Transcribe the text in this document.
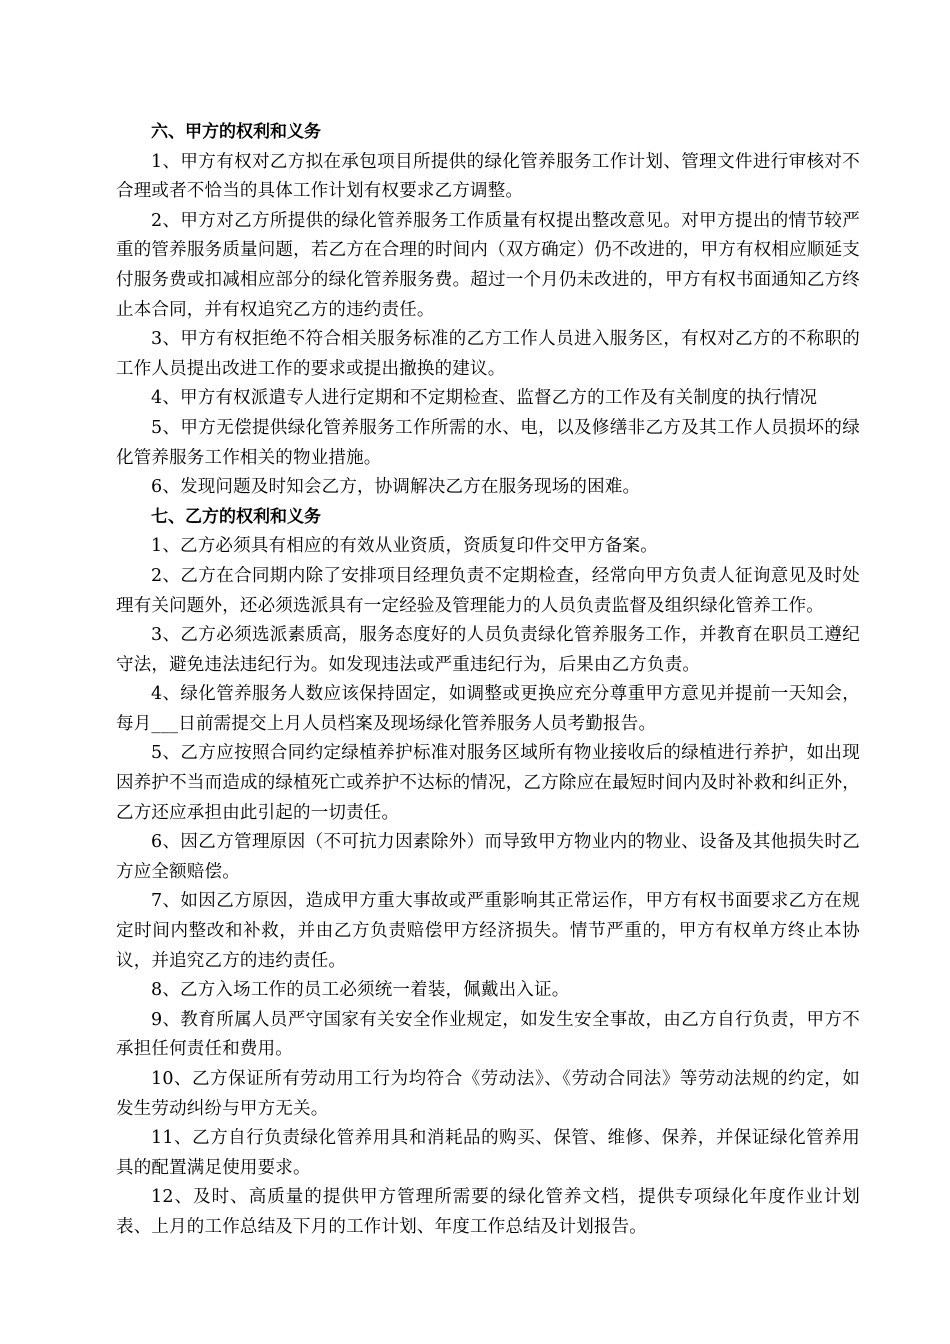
六、甲方的权利和义务

1、甲方有权对乙方拟在承包项目所提供的绿化管养服务工作计划、管理文件进行审核对不合理或者不恰当的具体工作计划有权要求乙方调整。

2、甲方对乙方所提供的绿化管养服务工作质量有权提出整改意见。对甲方提出的情节较严重的管养服务质量问题，若乙方在合理的时间内（双方确定）仍不改进的，甲方有权相应顺延支付服务费或扣减相应部分的绿化管养服务费。超过一个月仍未改进的，甲方有权书面通知乙方终止本合同，并有权追究乙方的违约责任。

3、甲方有权拒绝不符合相关服务标准的乙方工作人员进入服务区，有权对乙方的不称职的工作人员提出改进工作的要求或提出撤换的建议。

4、甲方有权派遣专人进行定期和不定期检查、监督乙方的工作及有关制度的执行情况

5、甲方无偿提供绿化管养服务工作所需的水、电，以及修缮非乙方及其工作人员损坏的绿化管养服务工作相关的物业措施。

6、发现问题及时知会乙方，协调解决乙方在服务现场的困难。

七、乙方的权利和义务

1、乙方必须具有相应的有效从业资质，资质复印件交甲方备案。

2、乙方在合同期内除了安排项目经理负责不定期检查，经常向甲方负责人征询意见及时处理有关问题外，还必须选派具有一定经验及管理能力的人员负责监督及组织绿化管养工作。

3、乙方必须选派素质高，服务态度好的人员负责绿化管养服务工作，并教育在职员工遵纪守法，避免违法违纪行为。如发现违法或严重违纪行为，后果由乙方负责。

4、绿化管养服务人数应该保持固定，如调整或更换应充分尊重甲方意见并提前一天知会，每月___日前需提交上月人员档案及现场绿化管养服务人员考勤报告。

5、乙方应按照合同约定绿植养护标准对服务区域所有物业接收后的绿植进行养护，如出现因养护不当而造成的绿植死亡或养护不达标的情况，乙方除应在最短时间内及时补救和纠正外，乙方还应承担由此引起的一切责任。

6、因乙方管理原因（不可抗力因素除外）而导致甲方物业内的物业、设备及其他损失时乙方应全额赔偿。

7、如因乙方原因，造成甲方重大事故或严重影响其正常运作，甲方有权书面要求乙方在规定时间内整改和补救，并由乙方负责赔偿甲方经济损失。情节严重的，甲方有权单方终止本协议，并追究乙方的违约责任。

8、乙方入场工作的员工必须统一着装，佩戴出入证。

9、教育所属人员严守国家有关安全作业规定，如发生安全事故，由乙方自行负责，甲方不承担任何责任和费用。

10、乙方保证所有劳动用工行为均符合《劳动法》、《劳动合同法》等劳动法规的约定，如发生劳动纠纷与甲方无关。

11、乙方自行负责绿化管养用具和消耗品的购买、保管、维修、保养，并保证绿化管养用具的配置满足使用要求。

12、及时、高质量的提供甲方管理所需要的绿化管养文档，提供专项绿化年度作业计划表、上月的工作总结及下月的工作计划、年度工作总结及计划报告。
